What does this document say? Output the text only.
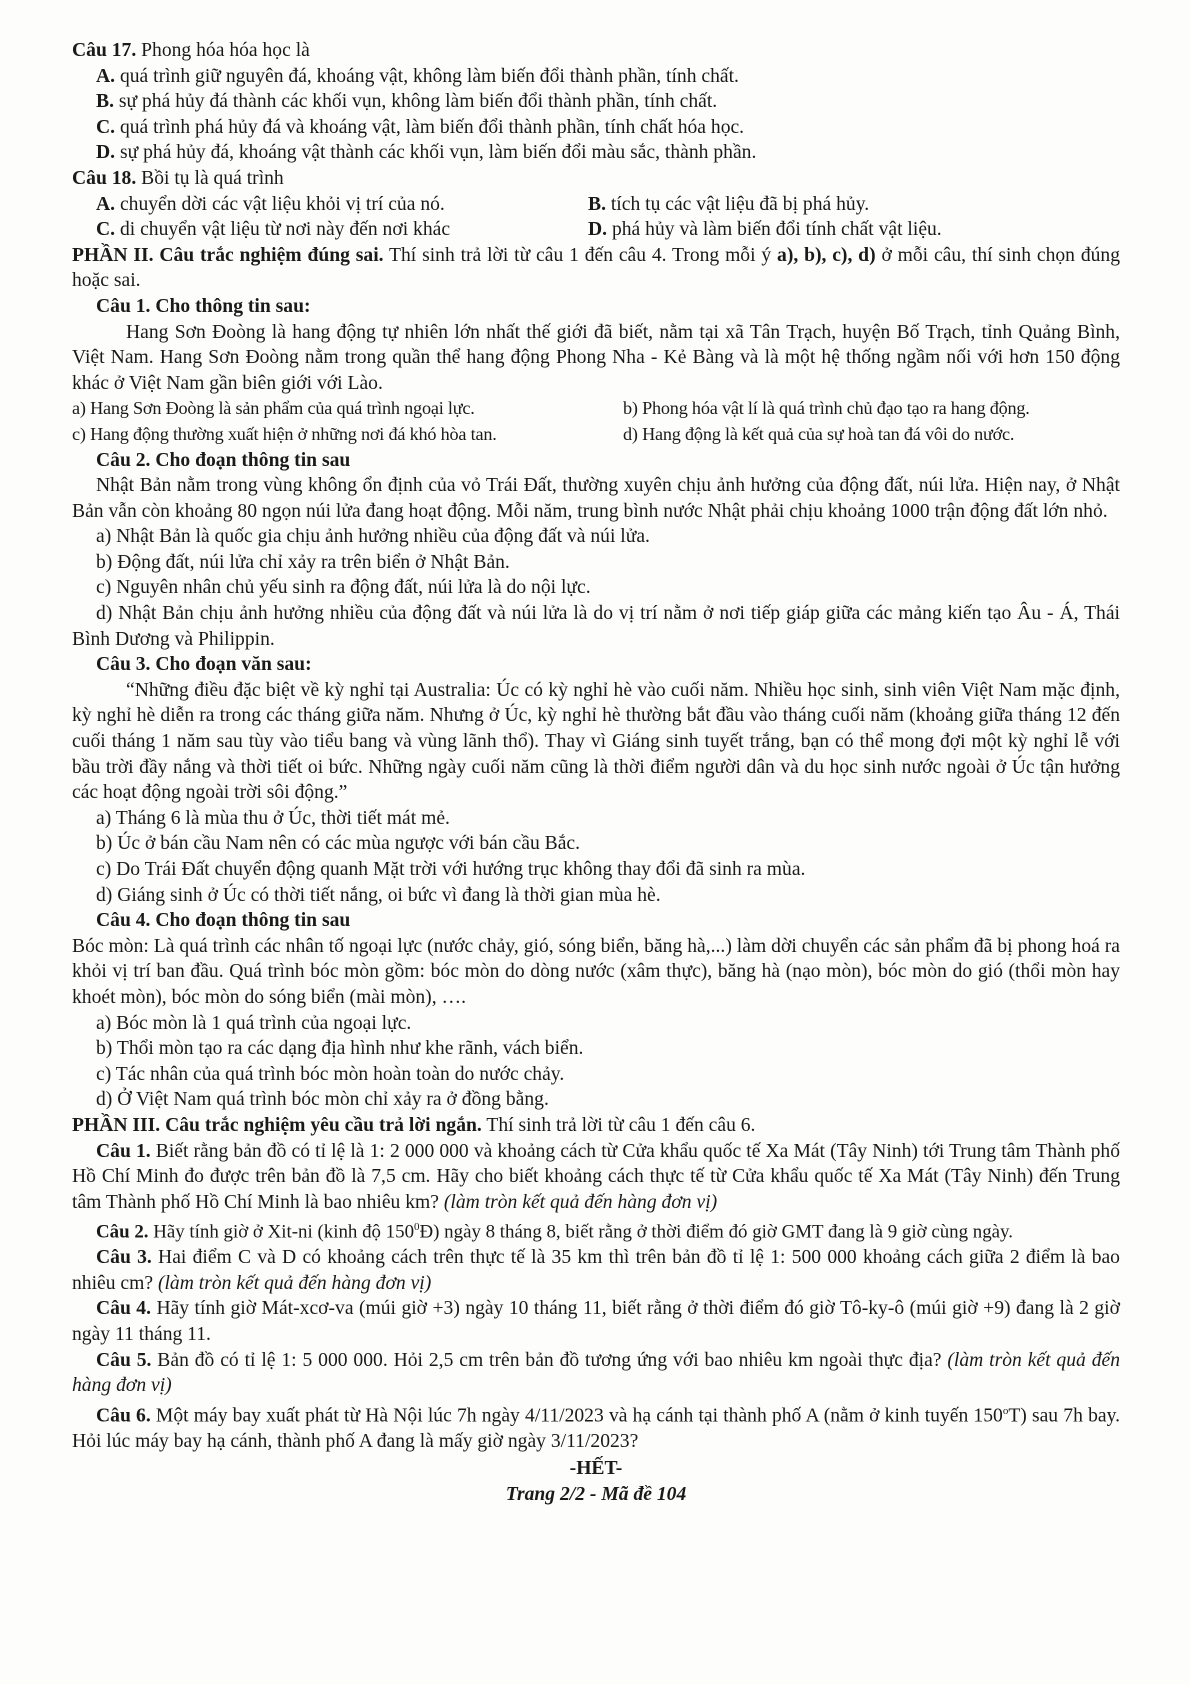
Câu 17. Phong hóa hóa học là
A. quá trình giữ nguyên đá, khoáng vật, không làm biến đổi thành phần, tính chất.
B. sự phá hủy đá thành các khối vụn, không làm biến đổi thành phần, tính chất.
C. quá trình phá hủy đá và khoáng vật, làm biến đổi thành phần, tính chất hóa học.
D. sự phá hủy đá, khoáng vật thành các khối vụn, làm biến đổi màu sắc, thành phần.
Câu 18. Bồi tụ là quá trình
A. chuyển dời các vật liệu khỏi vị trí của nó.	B. tích tụ các vật liệu đã bị phá hủy.
C. di chuyển vật liệu từ nơi này đến nơi khác	D. phá hủy và làm biến đổi tính chất vật liệu.
PHẦN II. Câu trắc nghiệm đúng sai. Thí sinh trả lời từ câu 1 đến câu 4. Trong mỗi ý a), b), c), d) ở mỗi câu, thí sinh chọn đúng hoặc sai.
Câu 1. Cho thông tin sau:
Hang Sơn Đoòng là hang động tự nhiên lớn nhất thế giới đã biết, nằm tại xã Tân Trạch, huyện Bố Trạch, tỉnh Quảng Bình, Việt Nam. Hang Sơn Đoòng nằm trong quần thể hang động Phong Nha - Kẻ Bàng và là một hệ thống ngầm nối với hơn 150 động khác ở Việt Nam gần biên giới với Lào.
a) Hang Sơn Đoòng là sản phẩm của quá trình ngoại lực.	b) Phong hóa vật lí là quá trình chủ đạo tạo ra hang động.
c) Hang động thường xuất hiện ở những nơi đá khó hòa tan.	d) Hang động là kết quả của sự hoà tan đá vôi do nước.
Câu 2. Cho đoạn thông tin sau
Nhật Bản nằm trong vùng không ổn định của vỏ Trái Đất, thường xuyên chịu ảnh hưởng của động đất, núi lửa. Hiện nay, ở Nhật Bản vẫn còn khoảng 80 ngọn núi lửa đang hoạt động. Mỗi năm, trung bình nước Nhật phải chịu khoảng 1000 trận động đất lớn nhỏ.
a) Nhật Bản là quốc gia chịu ảnh hưởng nhiều của động đất và núi lửa.
b) Động đất, núi lửa chỉ xảy ra trên biển ở Nhật Bản.
c) Nguyên nhân chủ yếu sinh ra động đất, núi lửa là do nội lực.
d) Nhật Bản chịu ảnh hưởng nhiều của động đất và núi lửa là do vị trí nằm ở nơi tiếp giáp giữa các mảng kiến tạo Âu - Á, Thái Bình Dương và Philippin.
Câu 3. Cho đoạn văn sau:
“Những điều đặc biệt về kỳ nghỉ tại Australia: Úc có kỳ nghỉ hè vào cuối năm. Nhiều học sinh, sinh viên Việt Nam mặc định, kỳ nghỉ hè diễn ra trong các tháng giữa năm. Nhưng ở Úc, kỳ nghỉ hè thường bắt đầu vào tháng cuối năm (khoảng giữa tháng 12 đến cuối tháng 1 năm sau tùy vào tiểu bang và vùng lãnh thổ). Thay vì Giáng sinh tuyết trắng, bạn có thể mong đợi một kỳ nghỉ lễ với bầu trời đầy nắng và thời tiết oi bức. Những ngày cuối năm cũng là thời điểm người dân và du học sinh nước ngoài ở Úc tận hưởng các hoạt động ngoài trời sôi động.”
a) Tháng 6 là mùa thu ở Úc, thời tiết mát mẻ.
b) Úc ở bán cầu Nam nên có các mùa ngược với bán cầu Bắc.
c) Do Trái Đất chuyển động quanh Mặt trời với hướng trục không thay đổi đã sinh ra mùa.
d) Giáng sinh ở Úc có thời tiết nắng, oi bức vì đang là thời gian mùa hè.
Câu 4. Cho đoạn thông tin sau
Bóc mòn: Là quá trình các nhân tố ngoại lực (nước chảy, gió, sóng biển, băng hà,...) làm dời chuyển các sản phẩm đã bị phong hoá ra khỏi vị trí ban đầu. Quá trình bóc mòn gồm: bóc mòn do dòng nước (xâm thực), băng hà (nạo mòn), bóc mòn do gió (thổi mòn hay khoét mòn), bóc mòn do sóng biển (mài mòn), ….
a) Bóc mòn là 1 quá trình của ngoại lực.
b) Thổi mòn tạo ra các dạng địa hình như khe rãnh, vách biển.
c) Tác nhân của quá trình bóc mòn hoàn toàn do nước chảy.
d) Ở Việt Nam quá trình bóc mòn chỉ xảy ra ở đồng bằng.
PHẦN III. Câu trắc nghiệm yêu cầu trả lời ngắn. Thí sinh trả lời từ câu 1 đến câu 6.
Câu 1. Biết rằng bản đồ có tỉ lệ là 1: 2 000 000 và khoảng cách từ Cửa khẩu quốc tế Xa Mát (Tây Ninh) tới Trung tâm Thành phố Hồ Chí Minh đo được trên bản đồ là 7,5 cm. Hãy cho biết khoảng cách thực tế từ Cửa khẩu quốc tế Xa Mát (Tây Ninh) đến Trung tâm Thành phố Hồ Chí Minh là bao nhiêu km? (làm tròn kết quả đến hàng đơn vị)
Câu 2. Hãy tính giờ ở Xit-ni (kinh độ $150^0Đ$) ngày 8 tháng 8, biết rằng ở thời điểm đó giờ GMT đang là 9 giờ cùng ngày.
Câu 3. Hai điểm C và D có khoảng cách trên thực tế là 35 km thì trên bản đồ tỉ lệ 1: 500 000 khoảng cách giữa 2 điểm là bao nhiêu cm? (làm tròn kết quả đến hàng đơn vị)
Câu 4. Hãy tính giờ Mát-xcơ-va (múi giờ +3) ngày 10 tháng 11, biết rằng ở thời điểm đó giờ Tô-ky-ô (múi giờ +9) đang là 2 giờ ngày 11 tháng 11.
Câu 5. Bản đồ có tỉ lệ 1: 5 000 000. Hỏi 2,5 cm trên bản đồ tương ứng với bao nhiêu km ngoài thực địa? (làm tròn kết quả đến hàng đơn vị)
Câu 6. Một máy bay xuất phát từ Hà Nội lúc 7h ngày 4/11/2023 và hạ cánh tại thành phố A (nằm ở kinh tuyến 150$^o$T) sau 7h bay. Hỏi lúc máy bay hạ cánh, thành phố A đang là mấy giờ ngày 3/11/2023?
-HẾT-
Trang 2/2 - Mã đề 104
